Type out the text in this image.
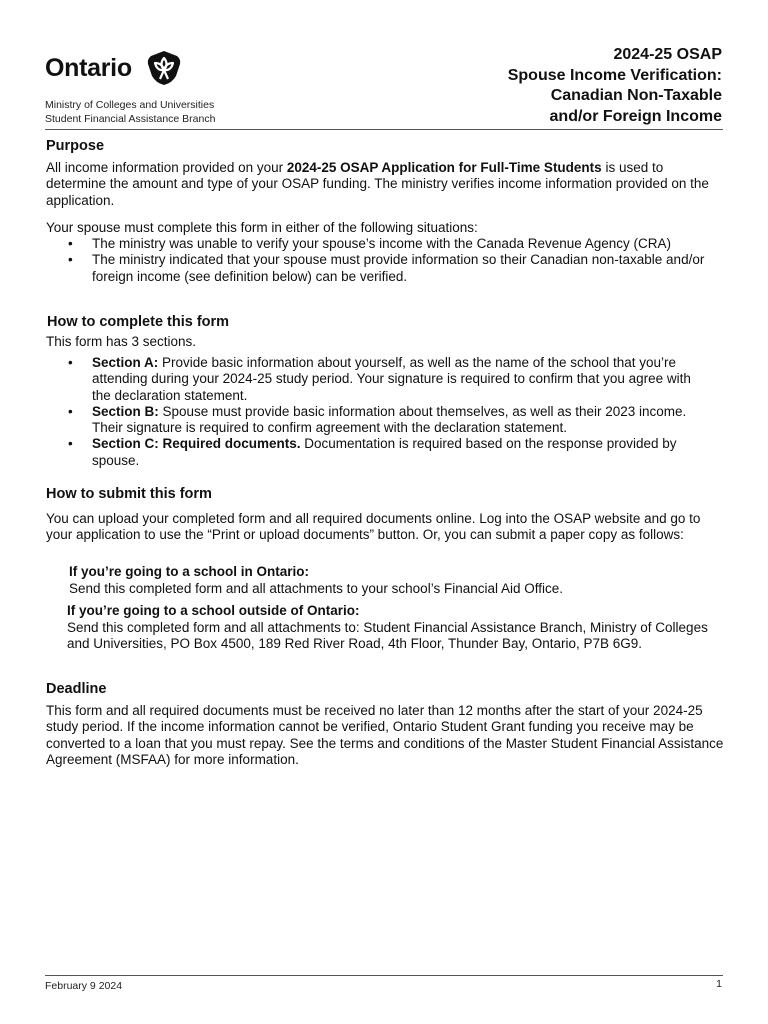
Ontario
Ministry of Colleges and Universities
Student Financial Assistance Branch
2024-25 OSAP
Spouse Income Verification:
Canadian Non-Taxable
and/or Foreign Income
Purpose
All income information provided on your 2024-25 OSAP Application for Full-Time Students is used to determine the amount and type of your OSAP funding. The ministry verifies income information provided on the application.
Your spouse must complete this form in either of the following situations:
• The ministry was unable to verify your spouse’s income with the Canada Revenue Agency (CRA)
• The ministry indicated that your spouse must provide information so their Canadian non-taxable and/or foreign income (see definition below) can be verified.
How to complete this form
This form has 3 sections.
• Section A: Provide basic information about yourself, as well as the name of the school that you’re attending during your 2024-25 study period. Your signature is required to confirm that you agree with the declaration statement.
• Section B: Spouse must provide basic information about themselves, as well as their 2023 income. Their signature is required to confirm agreement with the declaration statement.
• Section C: Required documents. Documentation is required based on the response provided by spouse.
How to submit this form
You can upload your completed form and all required documents online. Log into the OSAP website and go to your application to use the “Print or upload documents” button. Or, you can submit a paper copy as follows:
If you’re going to a school in Ontario:
Send this completed form and all attachments to your school’s Financial Aid Office.
If you’re going to a school outside of Ontario:
Send this completed form and all attachments to: Student Financial Assistance Branch, Ministry of Colleges and Universities, PO Box 4500, 189 Red River Road, 4th Floor, Thunder Bay, Ontario, P7B 6G9.
Deadline
This form and all required documents must be received no later than 12 months after the start of your 2024-25 study period. If the income information cannot be verified, Ontario Student Grant funding you receive may be converted to a loan that you must repay. See the terms and conditions of the Master Student Financial Assistance Agreement (MSFAA) for more information.
February 9 2024	1
